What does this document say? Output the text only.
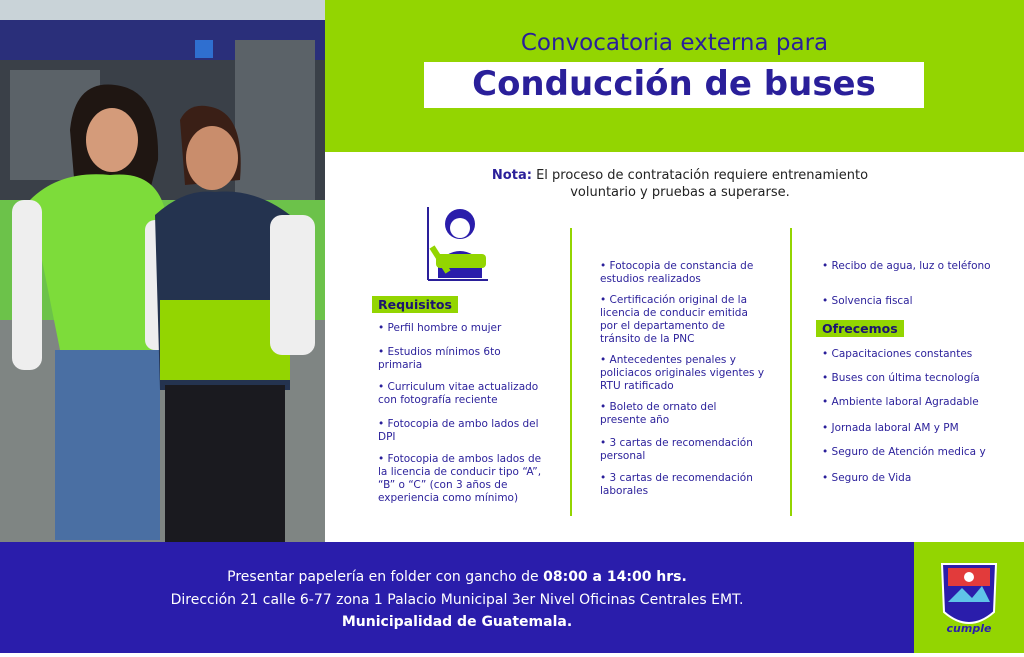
Convocatoria externa para
Conducción de buses
Nota: El proceso de contratación requiere entrenamiento voluntario y pruebas a superarse.
Requisitos
• Perfil hombre o mujer
• Estudios mínimos 6to primaria
• Curriculum vitae actualizado con fotografía reciente
• Fotocopia de ambo lados del DPI
• Fotocopia de ambos lados de la licencia de conducir tipo “A”, “B” o “C” (con 3 años de experiencia como mínimo)
• Fotocopia de constancia de estudios realizados
• Certificación original de la licencia de conducir emitida por el departamento de tránsito de la PNC
• Antecedentes penales y policiacos originales vigentes y RTU ratificado
• Boleto de ornato del presente año
• 3 cartas de recomendación personal
• 3 cartas de recomendación laborales
• Recibo de agua, luz o teléfono
• Solvencia fiscal
Ofrecemos
• Capacitaciones constantes
• Buses con última tecnología
• Ambiente laboral Agradable
• Jornada laboral AM y PM
• Seguro de Atención medica y
• Seguro de Vida
Presentar papelería en folder con gancho de 08:00 a 14:00 hrs.
Dirección 21 calle 6-77 zona 1 Palacio Municipal 3er Nivel Oficinas Centrales EMT.
Municipalidad de Guatemala.	cumple
